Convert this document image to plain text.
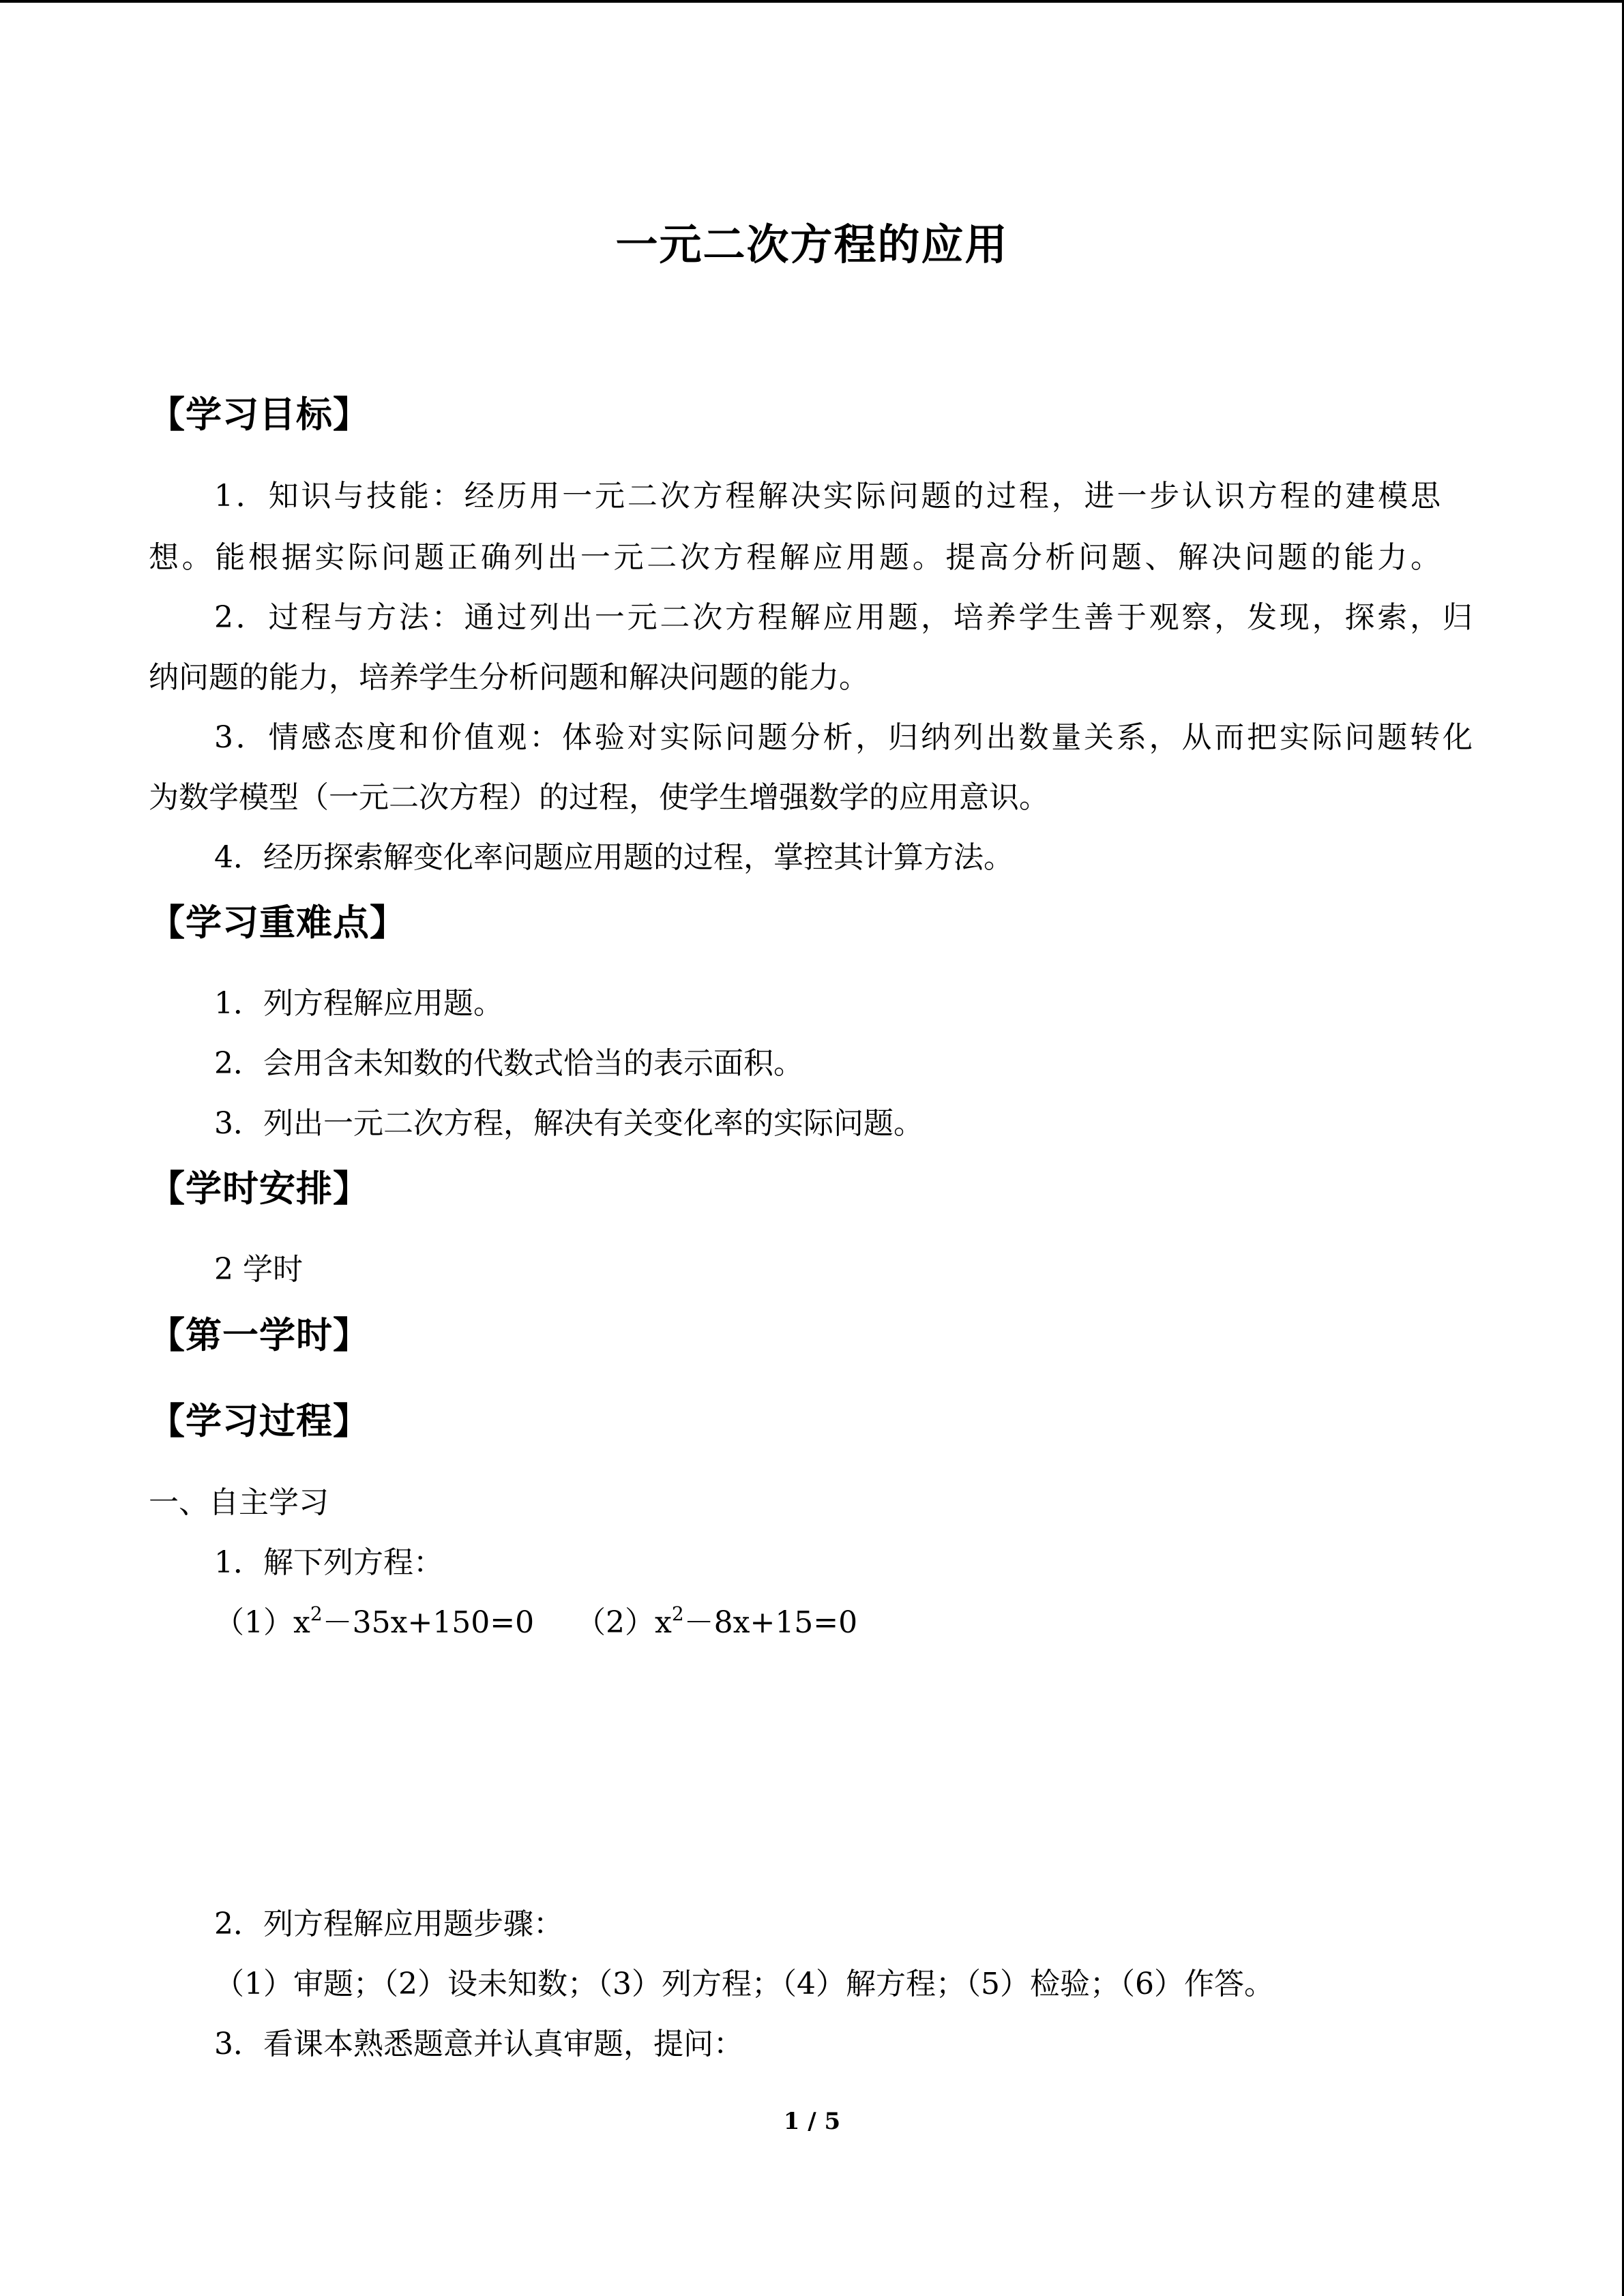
一元二次方程的应用
【学习目标】
1．知识与技能：经历用一元二次方程解决实际问题的过程，进一步认识方程的建模思
想。能根据实际问题正确列出一元二次方程解应用题。提高分析问题、解决问题的能力。
2．过程与方法：通过列出一元二次方程解应用题，培养学生善于观察，发现，探索，归
纳问题的能力，培养学生分析问题和解决问题的能力。
3．情感态度和价值观：体验对实际问题分析，归纳列出数量关系，从而把实际问题转化
为数学模型（一元二次方程）的过程，使学生增强数学的应用意识。
4．经历探索解变化率问题应用题的过程，掌控其计算方法。
【学习重难点】
1．列方程解应用题。
2．会用含未知数的代数式恰当的表示面积。
3．列出一元二次方程，解决有关变化率的实际问题。
【学时安排】
2 学时
【第一学时】
【学习过程】
一、自主学习
1．解下列方程：
$(1)x^2-35x+150=0$ $(2)x^2-8x+15=0$
2．列方程解应用题步骤：
（1）审题；（2）设未知数；（3）列方程；（4）解方程；（5）检验；（6）作答。
3．看课本熟悉题意并认真审题，提问：
1 / 5
